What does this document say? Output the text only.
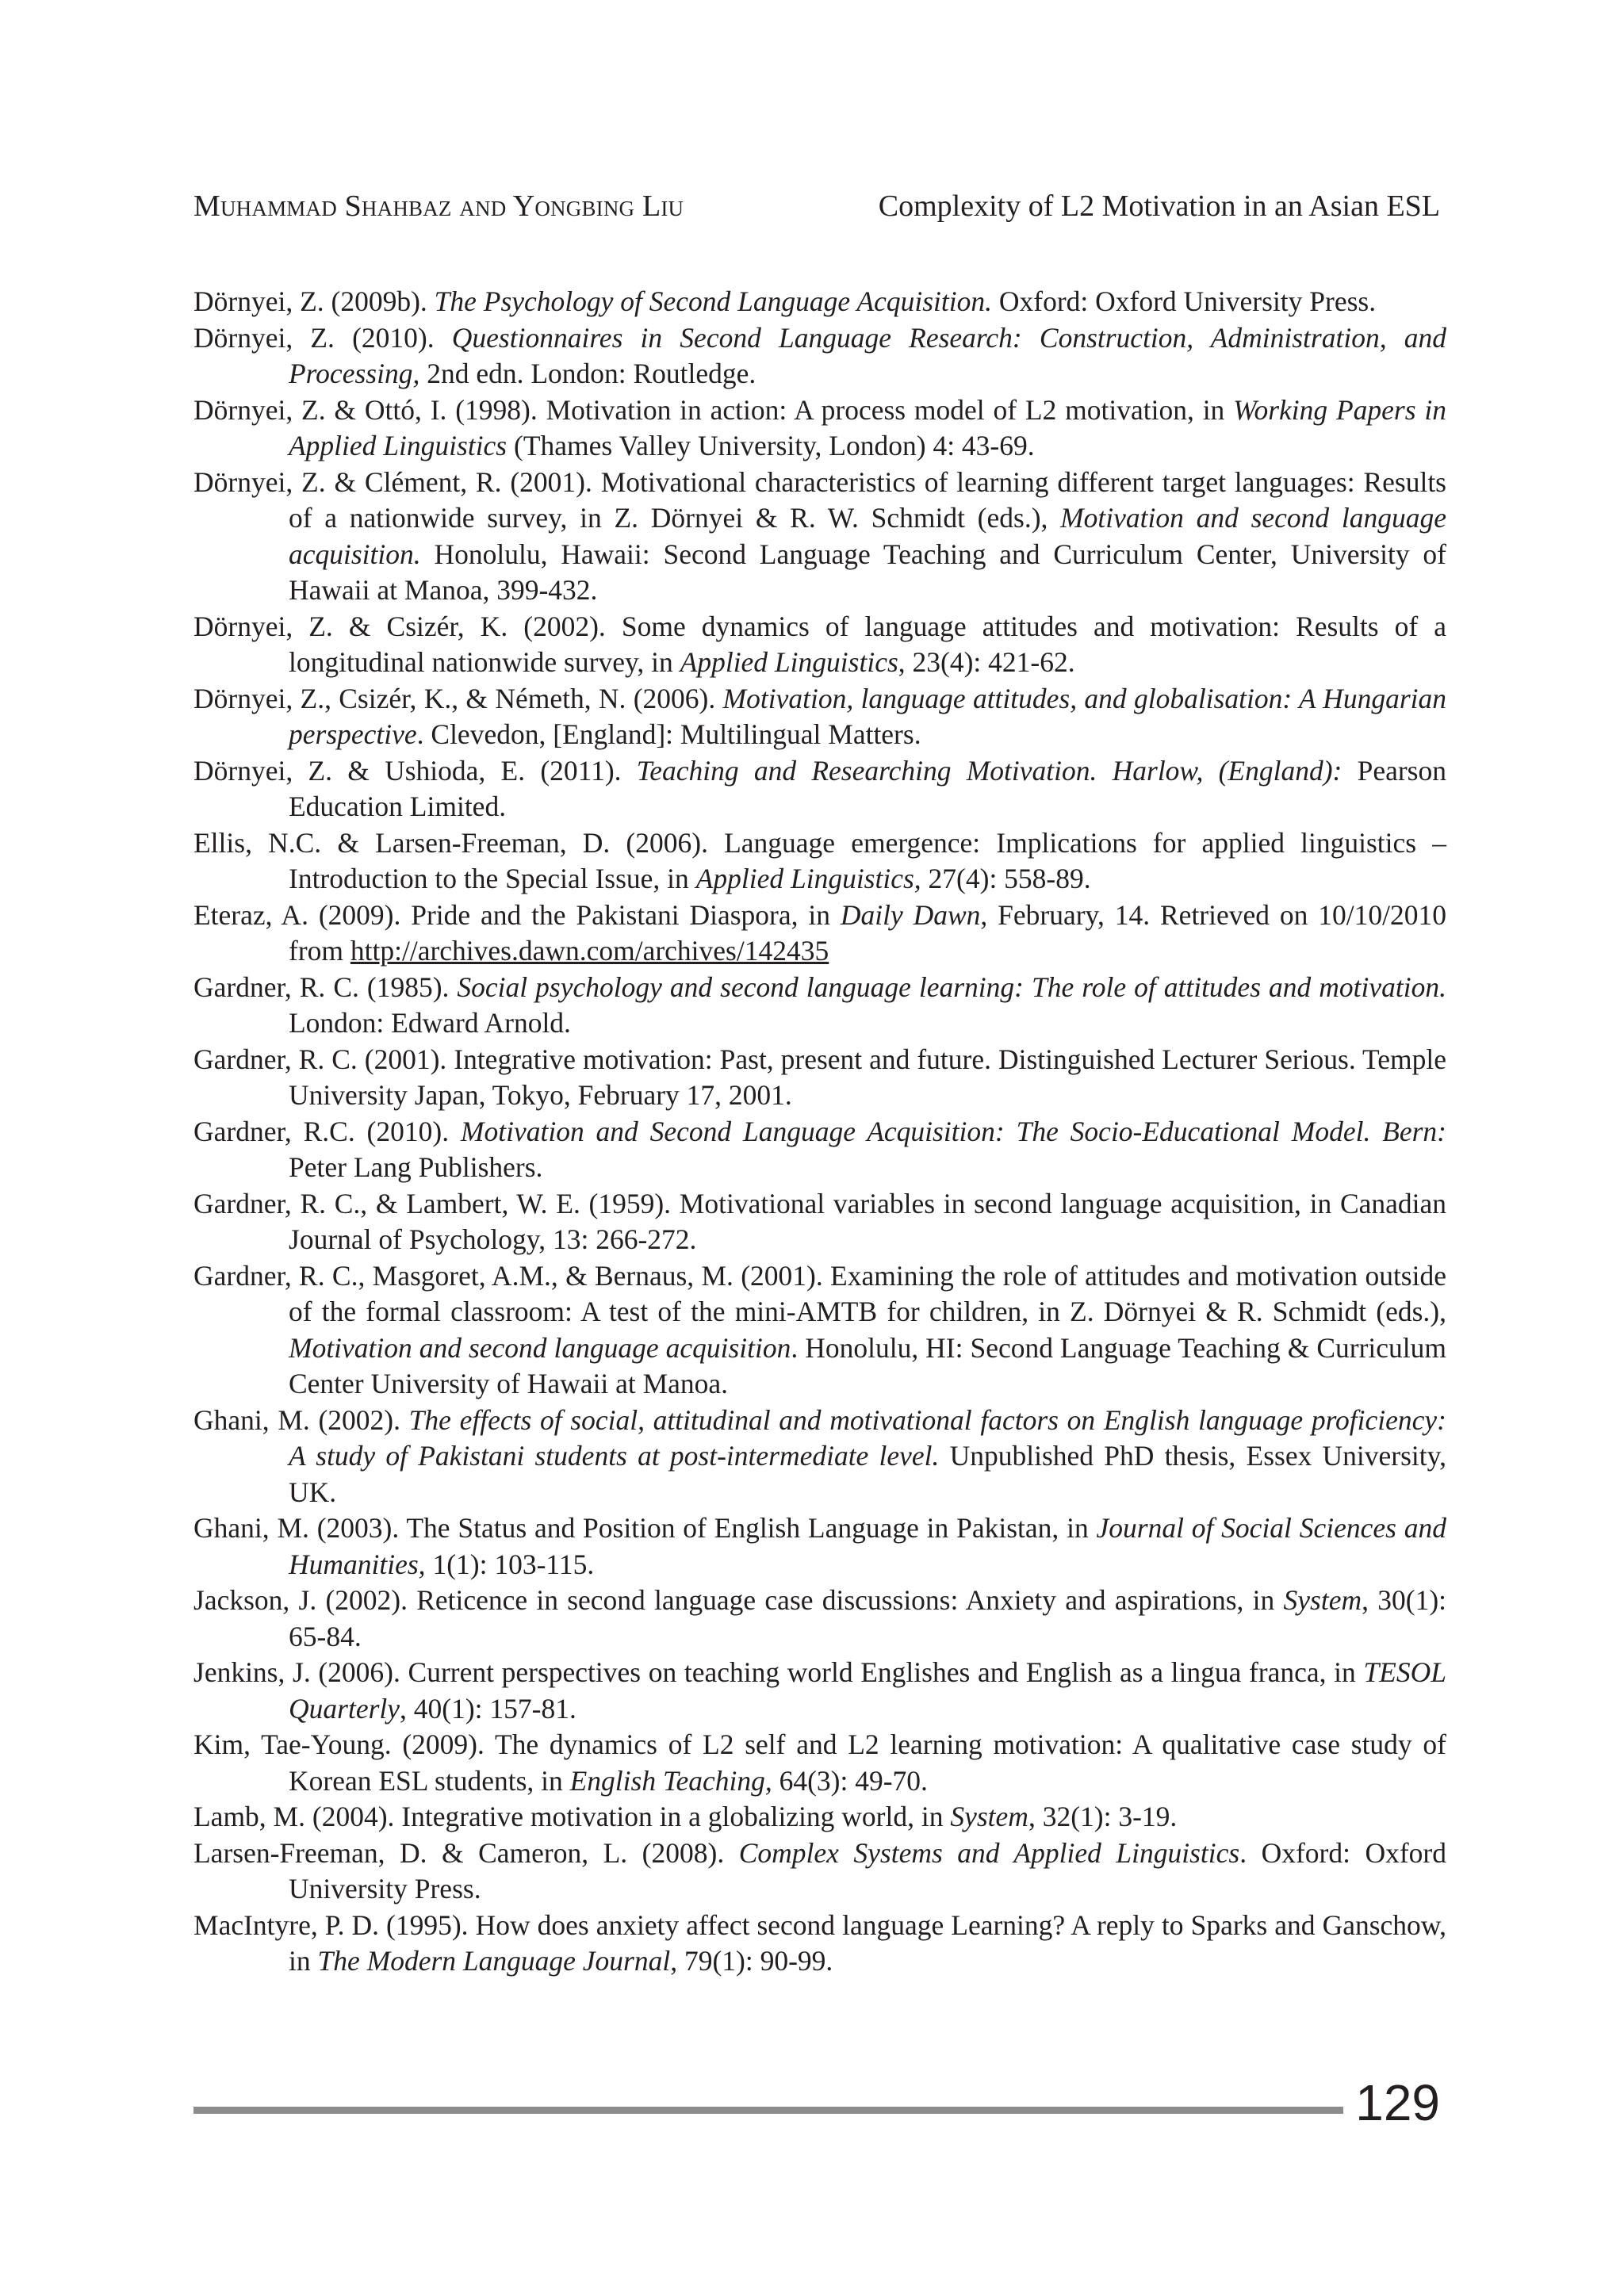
Muhammad Shahbaz and Yongbing Liu	Complexity of L2 Motivation in an Asian ESL

Dörnyei, Z. (2009b). The Psychology of Second Language Acquisition. Oxford: Oxford University Press.

Dörnyei, Z. (2010). Questionnaires in Second Language Research: Construction, Administration, and Processing, 2nd edn. London: Routledge.

Dörnyei, Z. & Ottó, I. (1998). Motivation in action: A process model of L2 motivation, in Working Papers in Applied Linguistics (Thames Valley University, London) 4: 43-69.

Dörnyei, Z. & Clément, R. (2001). Motivational characteristics of learning different target languages: Results of a nationwide survey, in Z. Dörnyei & R. W. Schmidt (eds.), Motivation and second language acquisition. Honolulu, Hawaii: Second Language Teaching and Curriculum Center, University of Hawaii at Manoa, 399-432.

Dörnyei, Z. & Csizér, K. (2002). Some dynamics of language attitudes and motivation: Results of a longitudinal nationwide survey, in Applied Linguistics, 23(4): 421-62.

Dörnyei, Z., Csizér, K., & Németh, N. (2006). Motivation, language attitudes, and globalisation: A Hungarian perspective. Clevedon, [England]: Multilingual Matters.

Dörnyei, Z. & Ushioda, E. (2011). Teaching and Researching Motivation. Harlow, (England): Pearson Education Limited.

Ellis, N.C. & Larsen-Freeman, D. (2006). Language emergence: Implications for applied linguistics – Introduction to the Special Issue, in Applied Linguistics, 27(4): 558-89.

Eteraz, A. (2009). Pride and the Pakistani Diaspora, in Daily Dawn, February, 14. Retrieved on 10/10/2010 from http://archives.dawn.com/archives/142435

Gardner, R. C. (1985). Social psychology and second language learning: The role of attitudes and motivation. London: Edward Arnold.

Gardner, R. C. (2001). Integrative motivation: Past, present and future. Distinguished Lecturer Serious. Temple University Japan, Tokyo, February 17, 2001.

Gardner, R.C. (2010). Motivation and Second Language Acquisition: The Socio-Educational Model. Bern: Peter Lang Publishers.

Gardner, R. C., & Lambert, W. E. (1959). Motivational variables in second language acquisition, in Canadian Journal of Psychology, 13: 266-272.

Gardner, R. C., Masgoret, A.M., & Bernaus, M. (2001). Examining the role of attitudes and motivation outside of the formal classroom: A test of the mini-AMTB for children, in Z. Dörnyei & R. Schmidt (eds.), Motivation and second language acquisition. Honolulu, HI: Second Language Teaching & Curriculum Center University of Hawaii at Manoa.

Ghani, M. (2002). The effects of social, attitudinal and motivational factors on English language proficiency: A study of Pakistani students at post-intermediate level. Unpublished PhD thesis, Essex University, UK.

Ghani, M. (2003). The Status and Position of English Language in Pakistan, in Journal of Social Sciences and Humanities, 1(1): 103-115.

Jackson, J. (2002). Reticence in second language case discussions: Anxiety and aspirations, in System, 30(1): 65-84.

Jenkins, J. (2006). Current perspectives on teaching world Englishes and English as a lingua franca, in TESOL Quarterly, 40(1): 157-81.

Kim, Tae-Young. (2009). The dynamics of L2 self and L2 learning motivation: A qualitative case study of Korean ESL students, in English Teaching, 64(3): 49-70.

Lamb, M. (2004). Integrative motivation in a globalizing world, in System, 32(1): 3-19.

Larsen-Freeman, D. & Cameron, L. (2008). Complex Systems and Applied Linguistics. Oxford: Oxford University Press.

MacIntyre, P. D. (1995). How does anxiety affect second language Learning? A reply to Sparks and Ganschow, in The Modern Language Journal, 79(1): 90-99.

129
